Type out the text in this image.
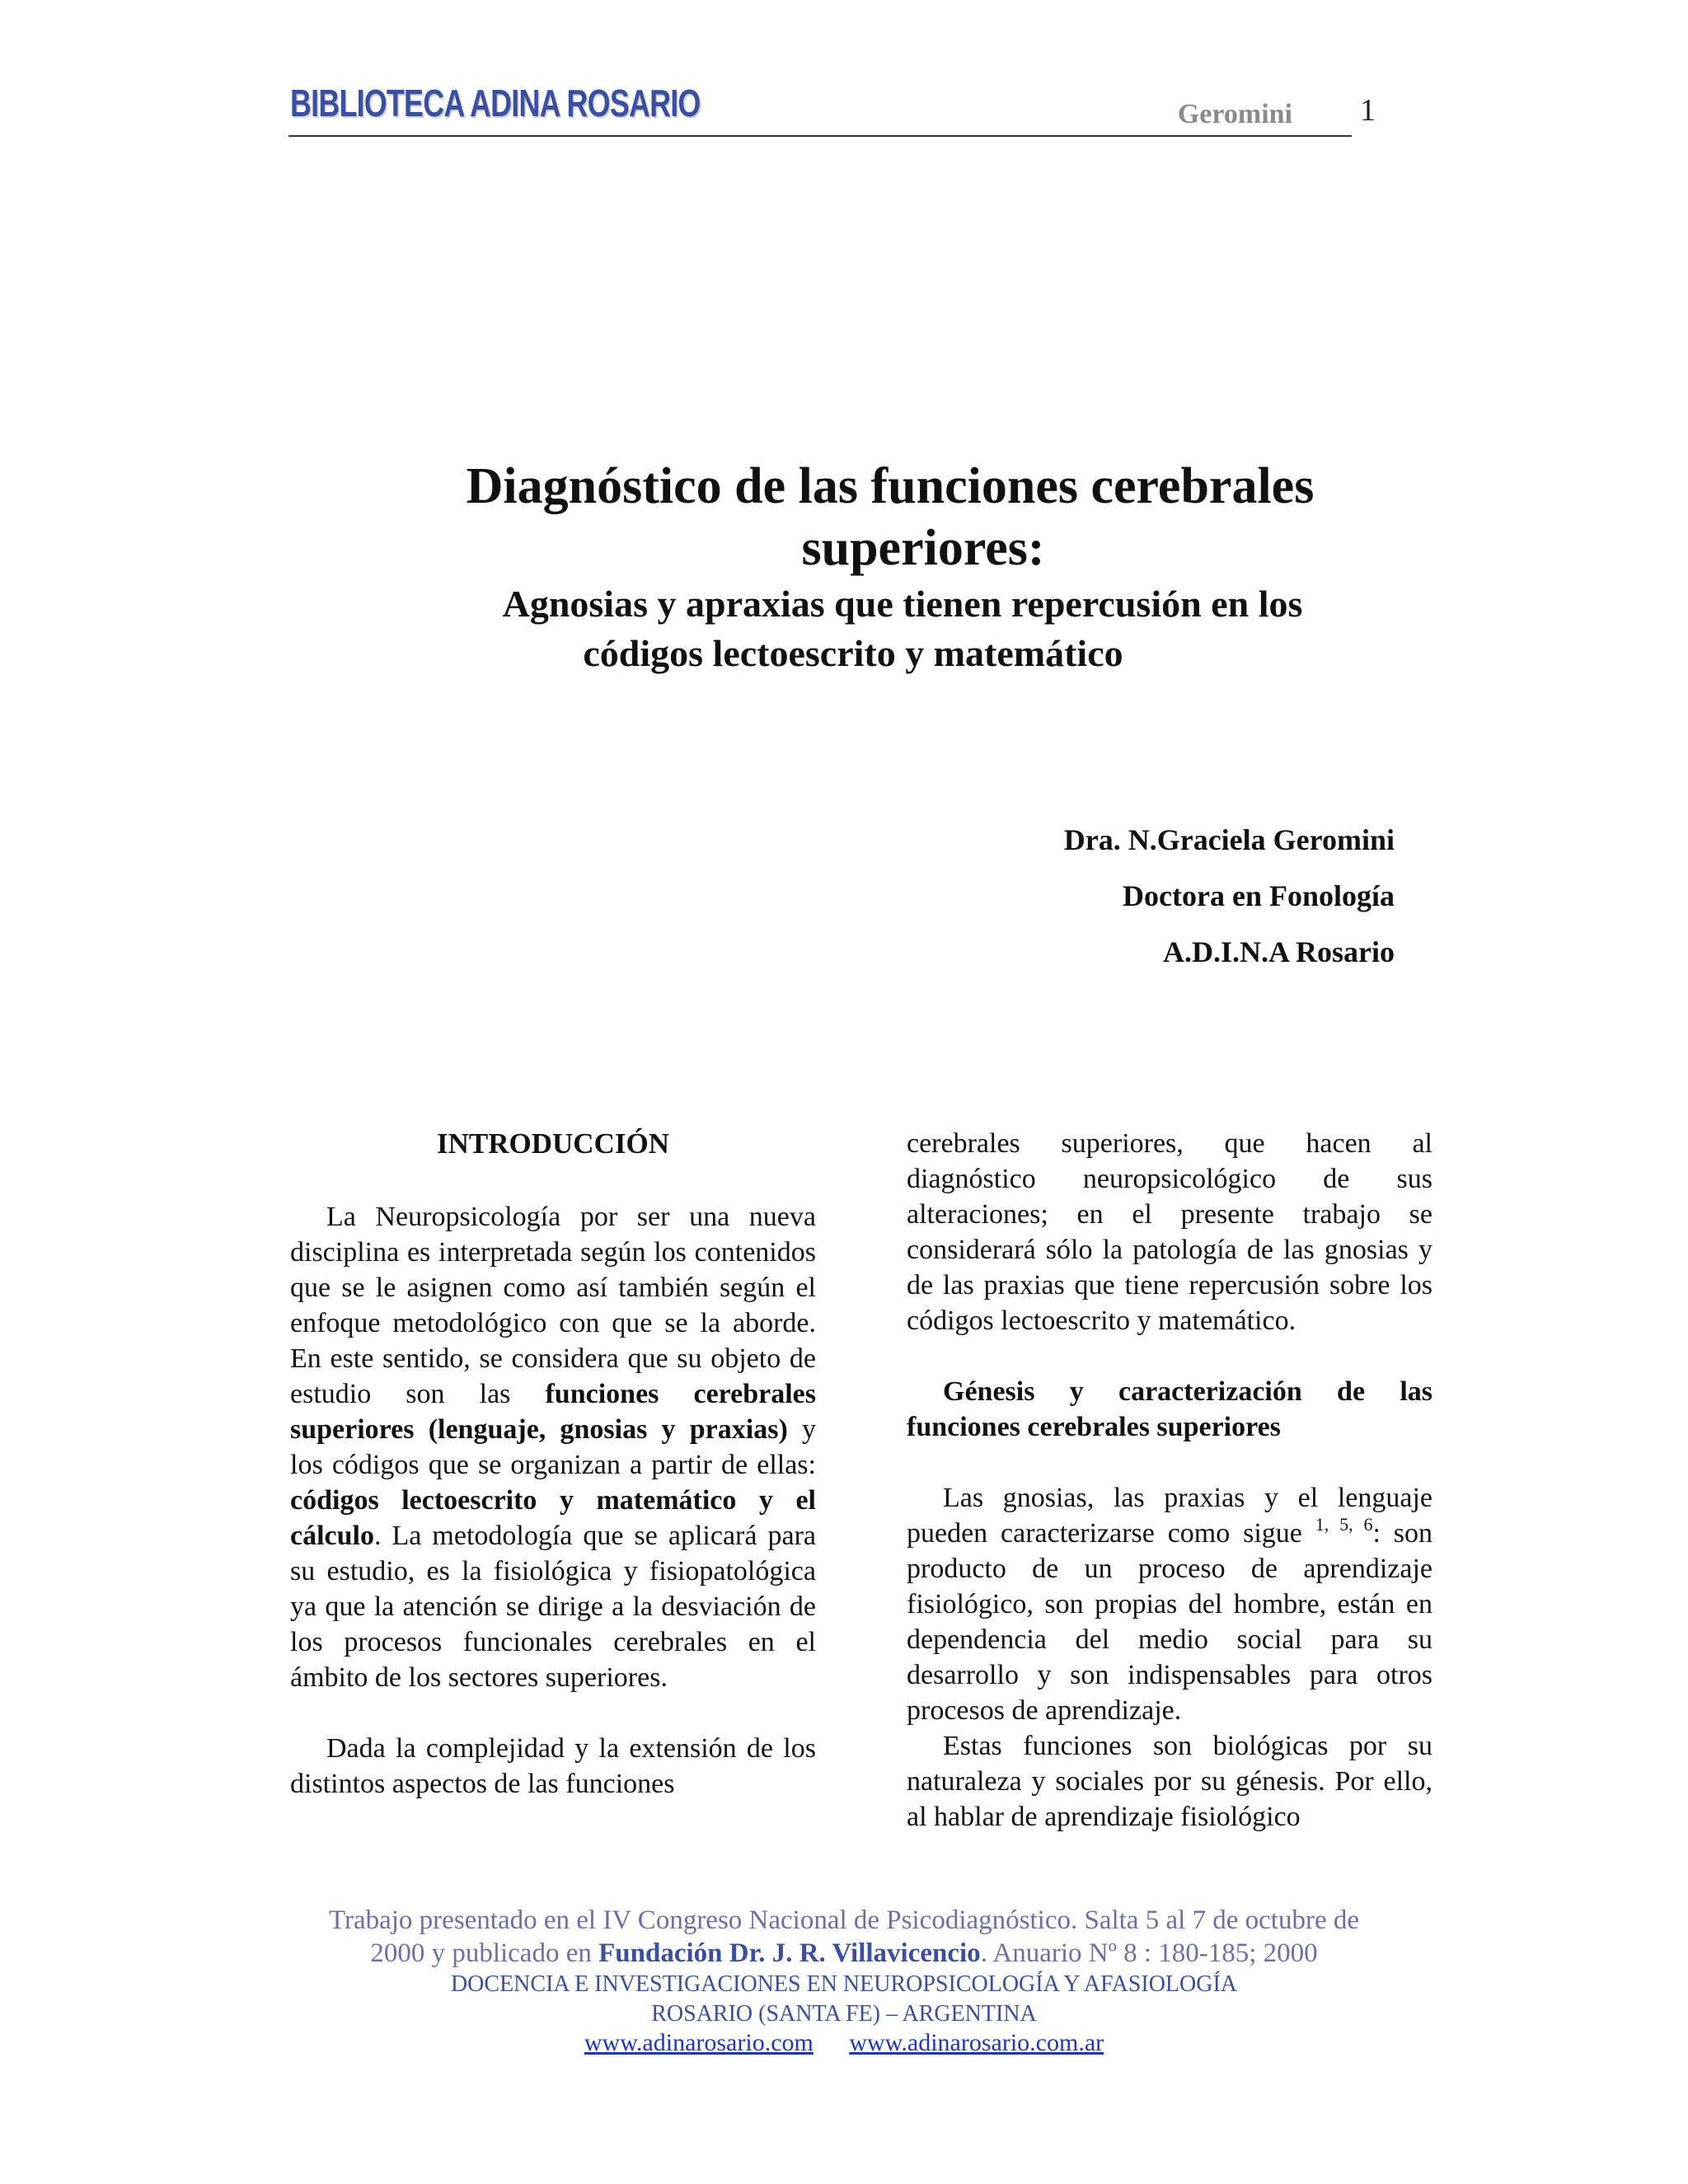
BIBLIOTECA ADINA ROSARIO	Geromini 1
Diagnóstico de las funciones cerebrales
superiores:
Agnosias y apraxias que tienen repercusión en los
códigos lectoescrito y matemático
Dra. N.Graciela Geromini
Doctora en Fonología
A.D.I.N.A Rosario

INTRODUCCIÓN

La Neuropsicología por ser una nueva disciplina es interpretada según los contenidos que se le asignen como así también según el enfoque metodológico con que se la aborde. En este sentido, se considera que su objeto de estudio son las funciones cerebrales superiores (lenguaje, gnosias y praxias) y los códigos que se organizan a partir de ellas: códigos lectoescrito y matemático y el cálculo. La metodología que se aplicará para su estudio, es la fisiológica y fisiopatológica ya que la atención se dirige a la desviación de los procesos funcionales cerebrales en el ámbito de los sectores superiores.

Dada la complejidad y la extensión de los distintos aspectos de las funciones

cerebrales superiores, que hacen al diagnóstico neuropsicológico de sus alteraciones; en el presente trabajo se considerará sólo la patología de las gnosias y de las praxias que tiene repercusión sobre los códigos lectoescrito y matemático.

Génesis y caracterización de las funciones cerebrales superiores

Las gnosias, las praxias y el lenguaje pueden caracterizarse como sigue $^{1, 5, 6}$: son producto de un proceso de aprendizaje fisiológico, son propias del hombre, están en dependencia del medio social para su desarrollo y son indispensables para otros procesos de aprendizaje.

Estas funciones son biológicas por su naturaleza y sociales por su génesis. Por ello, al hablar de aprendizaje fisiológico

Trabajo presentado en el IV Congreso Nacional de Psicodiagnóstico. Salta 5 al 7 de octubre de
2000 y publicado en Fundación Dr. J. R. Villavicencio. Anuario Nº 8 : 180-185; 2000
DOCENCIA E INVESTIGACIONES EN NEUROPSICOLOGÍA Y AFASIOLOGÍA
ROSARIO (SANTA FE) – ARGENTINA
www.adinarosario.com www.adinarosario.com.ar
